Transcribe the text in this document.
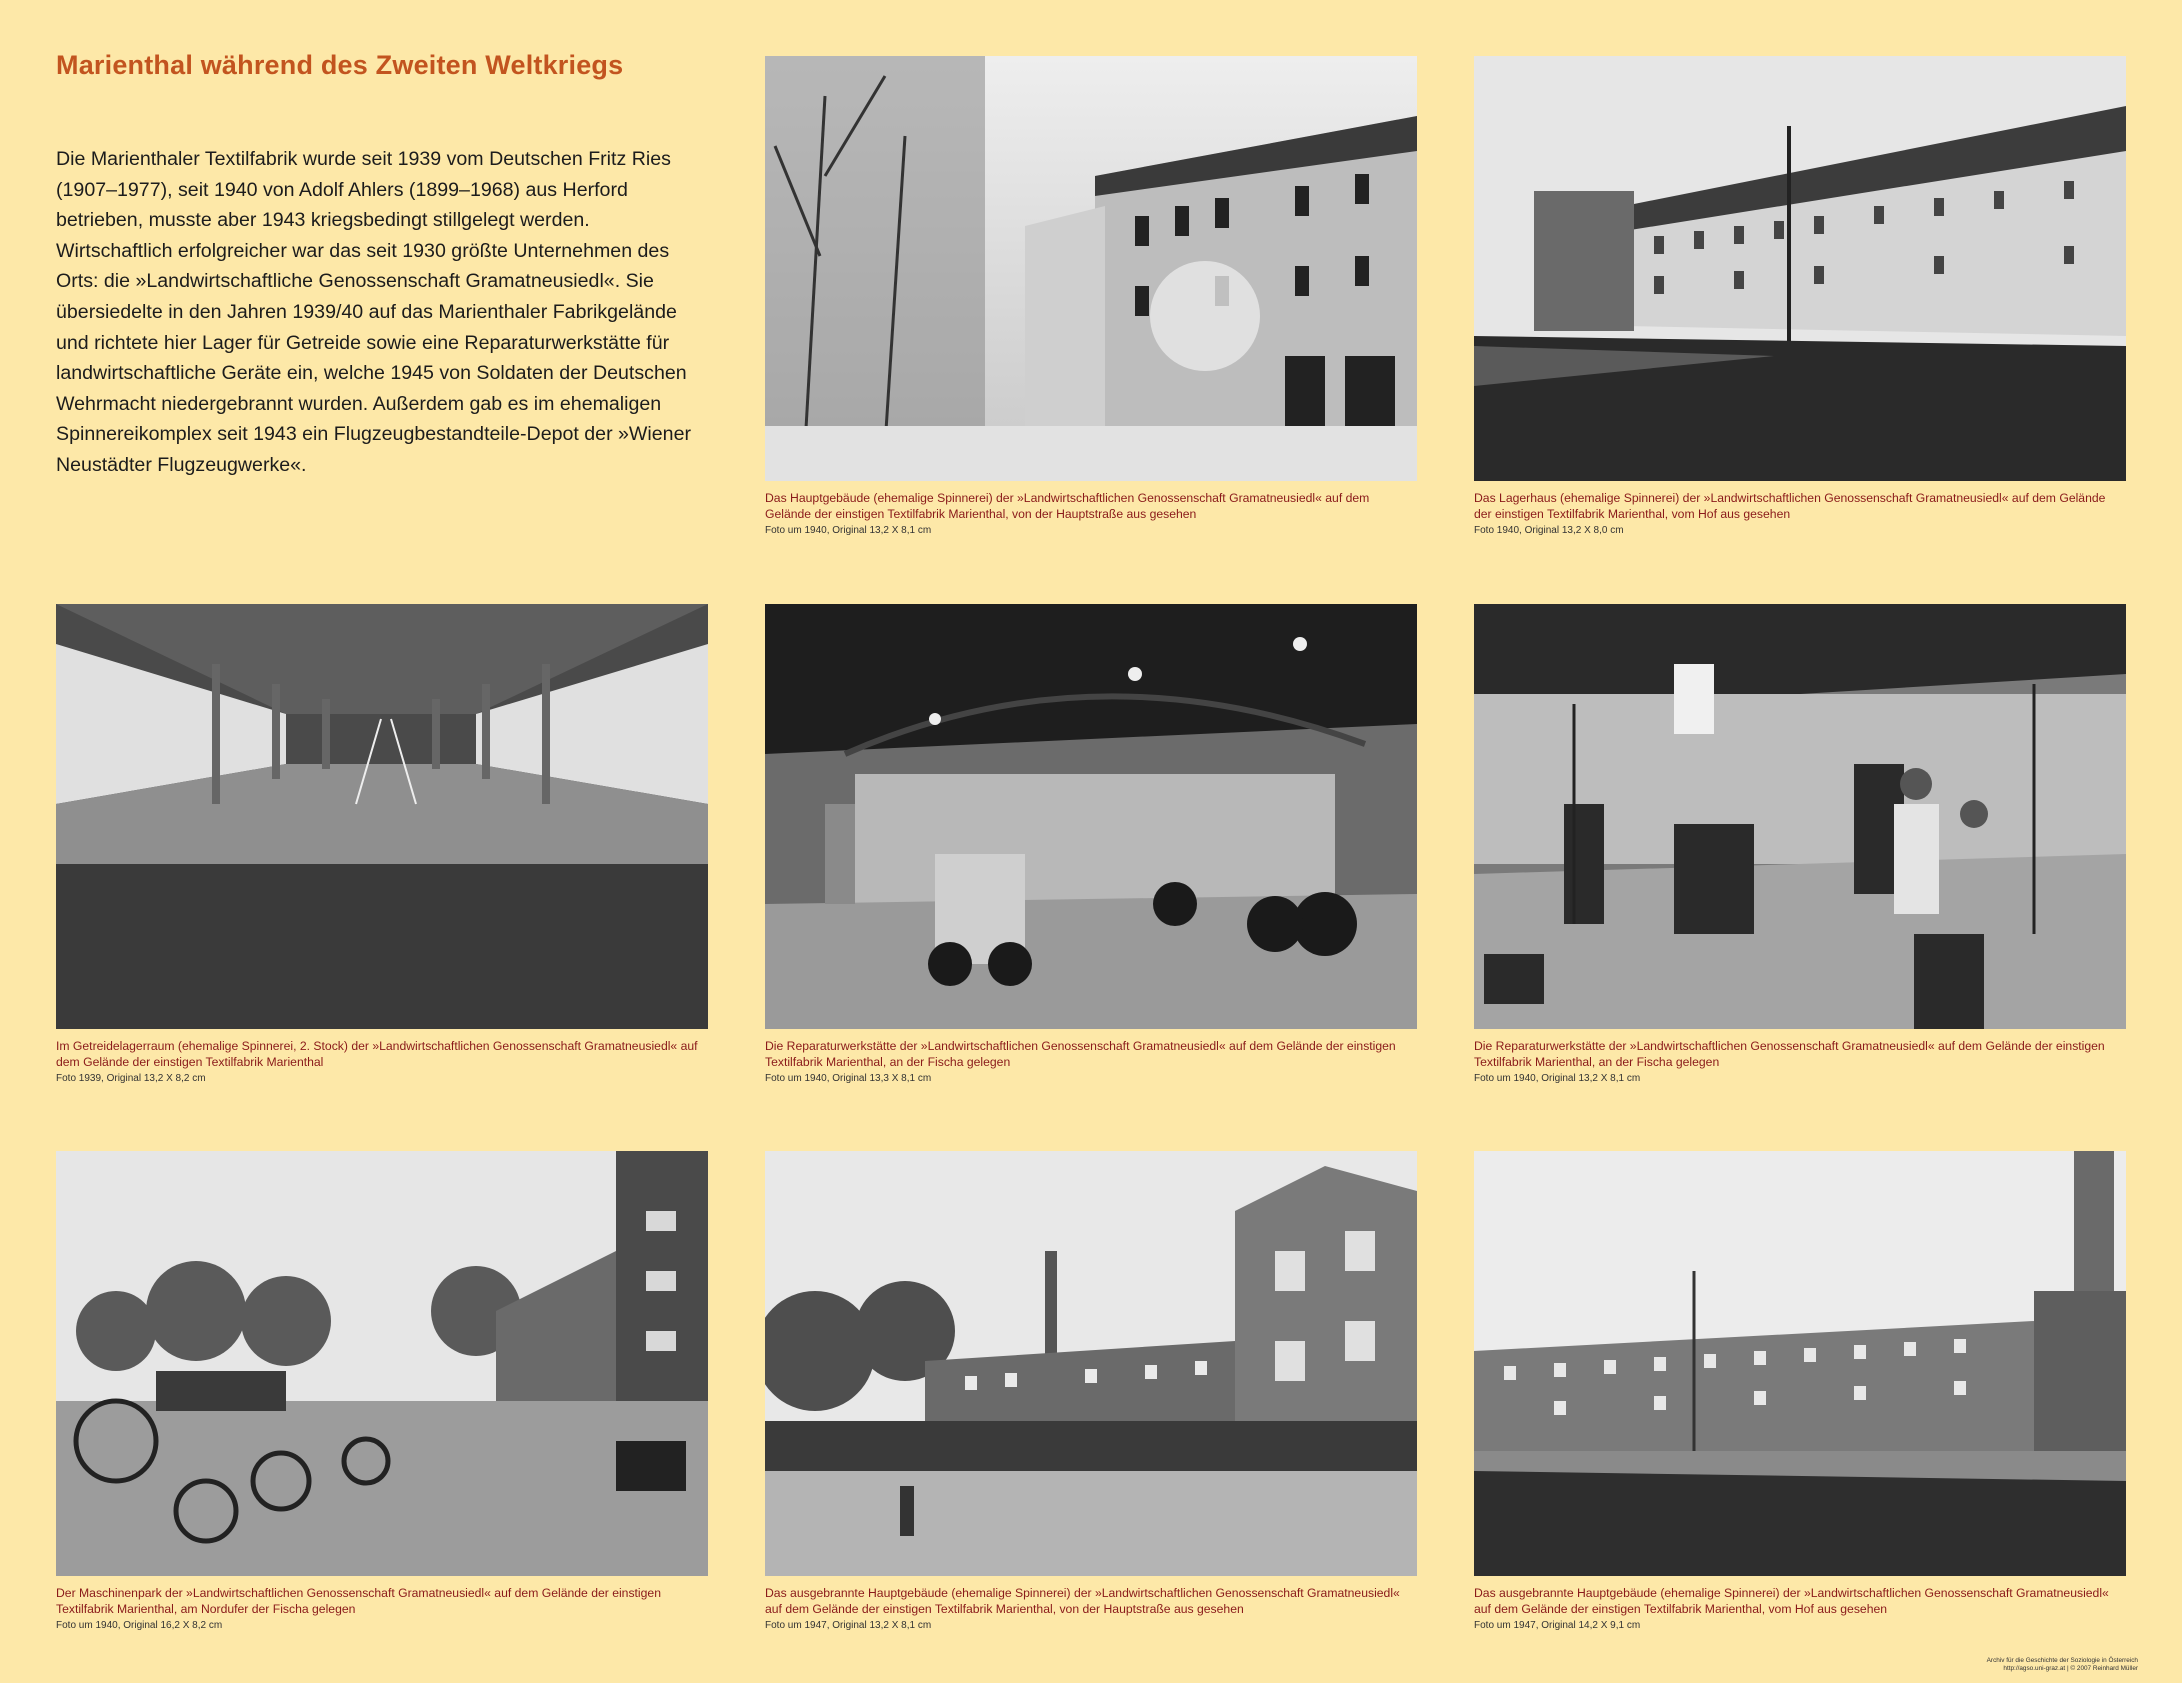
Marienthal während des Zweiten Weltkriegs

Die Marienthaler Textilfabrik wurde seit 1939 vom Deutschen Fritz Ries (1907–1977), seit 1940 von Adolf Ahlers (1899–1968) aus Herford betrieben, musste aber 1943 kriegsbedingt stillgelegt werden. Wirtschaftlich erfolgreicher war das seit 1930 größte Unternehmen des Orts: die »Landwirtschaftliche Genossenschaft Gramatneusiedl«. Sie übersiedelte in den Jahren 1939/40 auf das Marienthaler Fabrikgelände und richtete hier Lager für Getreide sowie eine Reparaturwerkstätte für landwirtschaftliche Geräte ein, welche 1945 von Soldaten der Deutschen Wehrmacht niedergebrannt wurden. Außerdem gab es im ehemaligen Spinnereikomplex seit 1943 ein Flugzeugbestandteile-Depot der »Wiener Neustädter Flugzeugwerke«.

Das Hauptgebäude (ehemalige Spinnerei) der »Landwirtschaftlichen Genossenschaft Gramatneusiedl« auf dem Gelände der einstigen Textilfabrik Marienthal, von der Hauptstraße aus gesehen

Foto um 1940, Original 13,2 X 8,1 cm

Das Lagerhaus (ehemalige Spinnerei) der »Landwirtschaftlichen Genossenschaft Gramatneusiedl« auf dem Gelände der einstigen Textilfabrik Marienthal, vom Hof aus gesehen

Foto 1940, Original 13,2 X 8,0 cm

Im Getreidelagerraum (ehemalige Spinnerei, 2. Stock) der »Landwirtschaftlichen Genossenschaft Gramatneusiedl« auf dem Gelände der einstigen Textilfabrik Marienthal

Foto 1939, Original 13,2 X 8,2 cm

Die Reparaturwerkstätte der »Landwirtschaftlichen Genossenschaft Gramatneusiedl« auf dem Gelände der einstigen Textilfabrik Marienthal, an der Fischa gelegen

Foto um 1940, Original 13,3 X 8,1 cm

Die Reparaturwerkstätte der »Landwirtschaftlichen Genossenschaft Gramatneusiedl« auf dem Gelände der einstigen Textilfabrik Marienthal, an der Fischa gelegen

Foto um 1940, Original 13,2 X 8,1 cm

Der Maschinenpark der »Landwirtschaftlichen Genossenschaft Gramatneusiedl« auf dem Gelände der einstigen Textilfabrik Marienthal, am Nordufer der Fischa gelegen

Foto um 1940, Original 16,2 X 8,2 cm

Das ausgebrannte Hauptgebäude (ehemalige Spinnerei) der »Landwirtschaftlichen Genossenschaft Gramatneusiedl« auf dem Gelände der einstigen Textilfabrik Marienthal, von der Hauptstraße aus gesehen

Foto um 1947, Original 13,2 X 8,1 cm

Das ausgebrannte Hauptgebäude (ehemalige Spinnerei) der »Landwirtschaftlichen Genossenschaft Gramatneusiedl« auf dem Gelände der einstigen Textilfabrik Marienthal, vom Hof aus gesehen

Foto um 1947, Original 14,2 X 9,1 cm

Archiv für die Geschichte der Soziologie in Österreich
http://agso.uni-graz.at | © 2007 Reinhard Müller
